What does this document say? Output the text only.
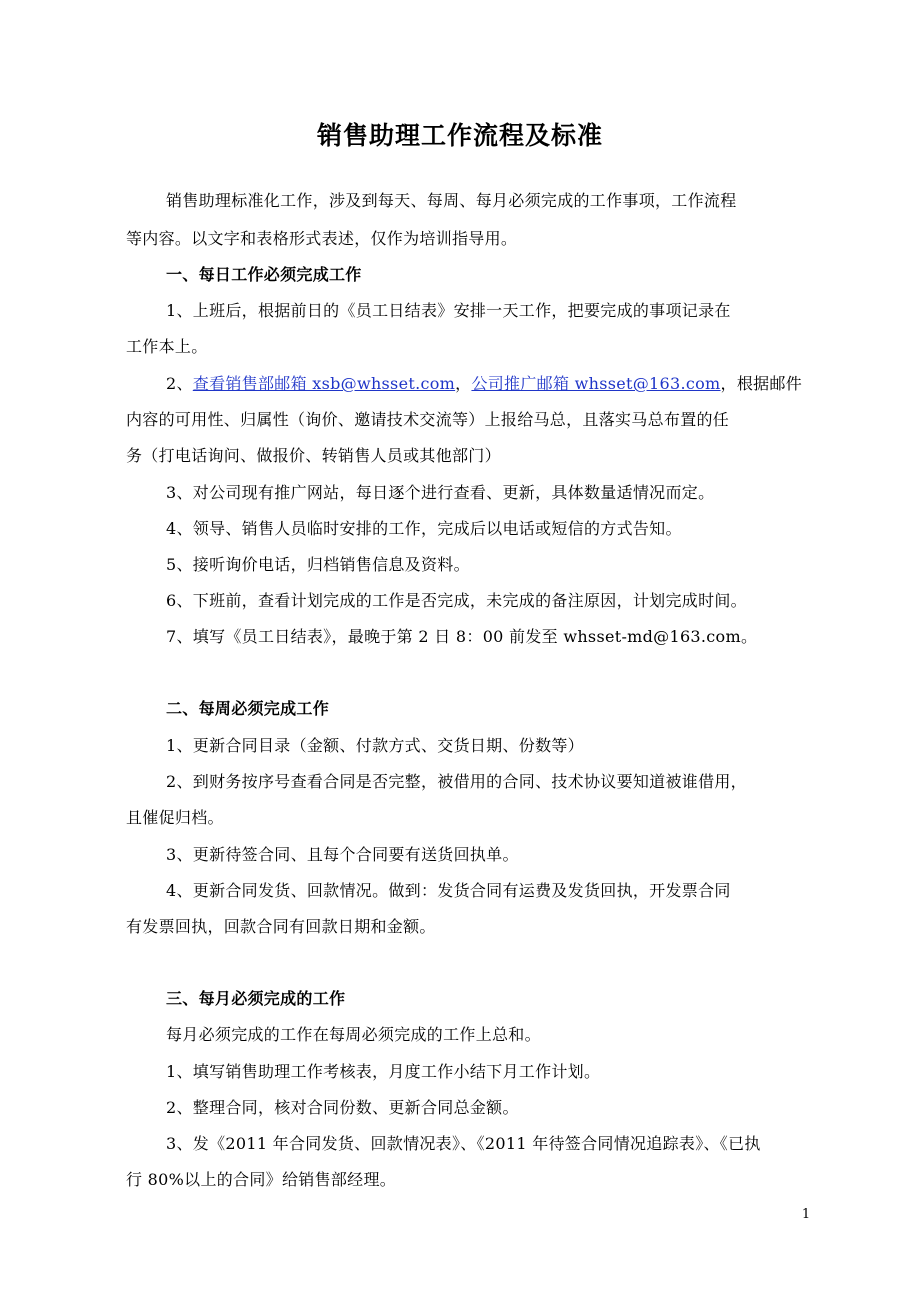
销售助理工作流程及标准
销售助理标准化工作，涉及到每天、每周、每月必须完成的工作事项，工作流程
等内容。以文字和表格形式表述，仅作为培训指导用。
一、每日工作必须完成工作
1、上班后，根据前日的《员工日结表》安排一天工作，把要完成的事项记录在
工作本上。
2、查看销售部邮箱 xsb@whsset.com，公司推广邮箱 whsset@163.com，根据邮件
内容的可用性、归属性（询价、邀请技术交流等）上报给马总，且落实马总布置的任
务（打电话询问、做报价、转销售人员或其他部门）
3、对公司现有推广网站，每日逐个进行查看、更新，具体数量适情况而定。
4、领导、销售人员临时安排的工作，完成后以电话或短信的方式告知。
5、接听询价电话，归档销售信息及资料。
6、下班前，查看计划完成的工作是否完成，未完成的备注原因，计划完成时间。
7、填写《员工日结表》，最晚于第 2 日 8：00 前发至 whsset-md@163.com。
二、每周必须完成工作
1、更新合同目录（金额、付款方式、交货日期、份数等）
2、到财务按序号查看合同是否完整，被借用的合同、技术协议要知道被谁借用，
且催促归档。
3、更新待签合同、且每个合同要有送货回执单。
4、更新合同发货、回款情况。做到：发货合同有运费及发货回执，开发票合同
有发票回执，回款合同有回款日期和金额。
三、每月必须完成的工作
每月必须完成的工作在每周必须完成的工作上总和。
1、填写销售助理工作考核表，月度工作小结下月工作计划。
2、整理合同，核对合同份数、更新合同总金额。
3、发《2011 年合同发货、回款情况表》、《2011 年待签合同情况追踪表》、《已执
行 80%以上的合同》给销售部经理。
1
